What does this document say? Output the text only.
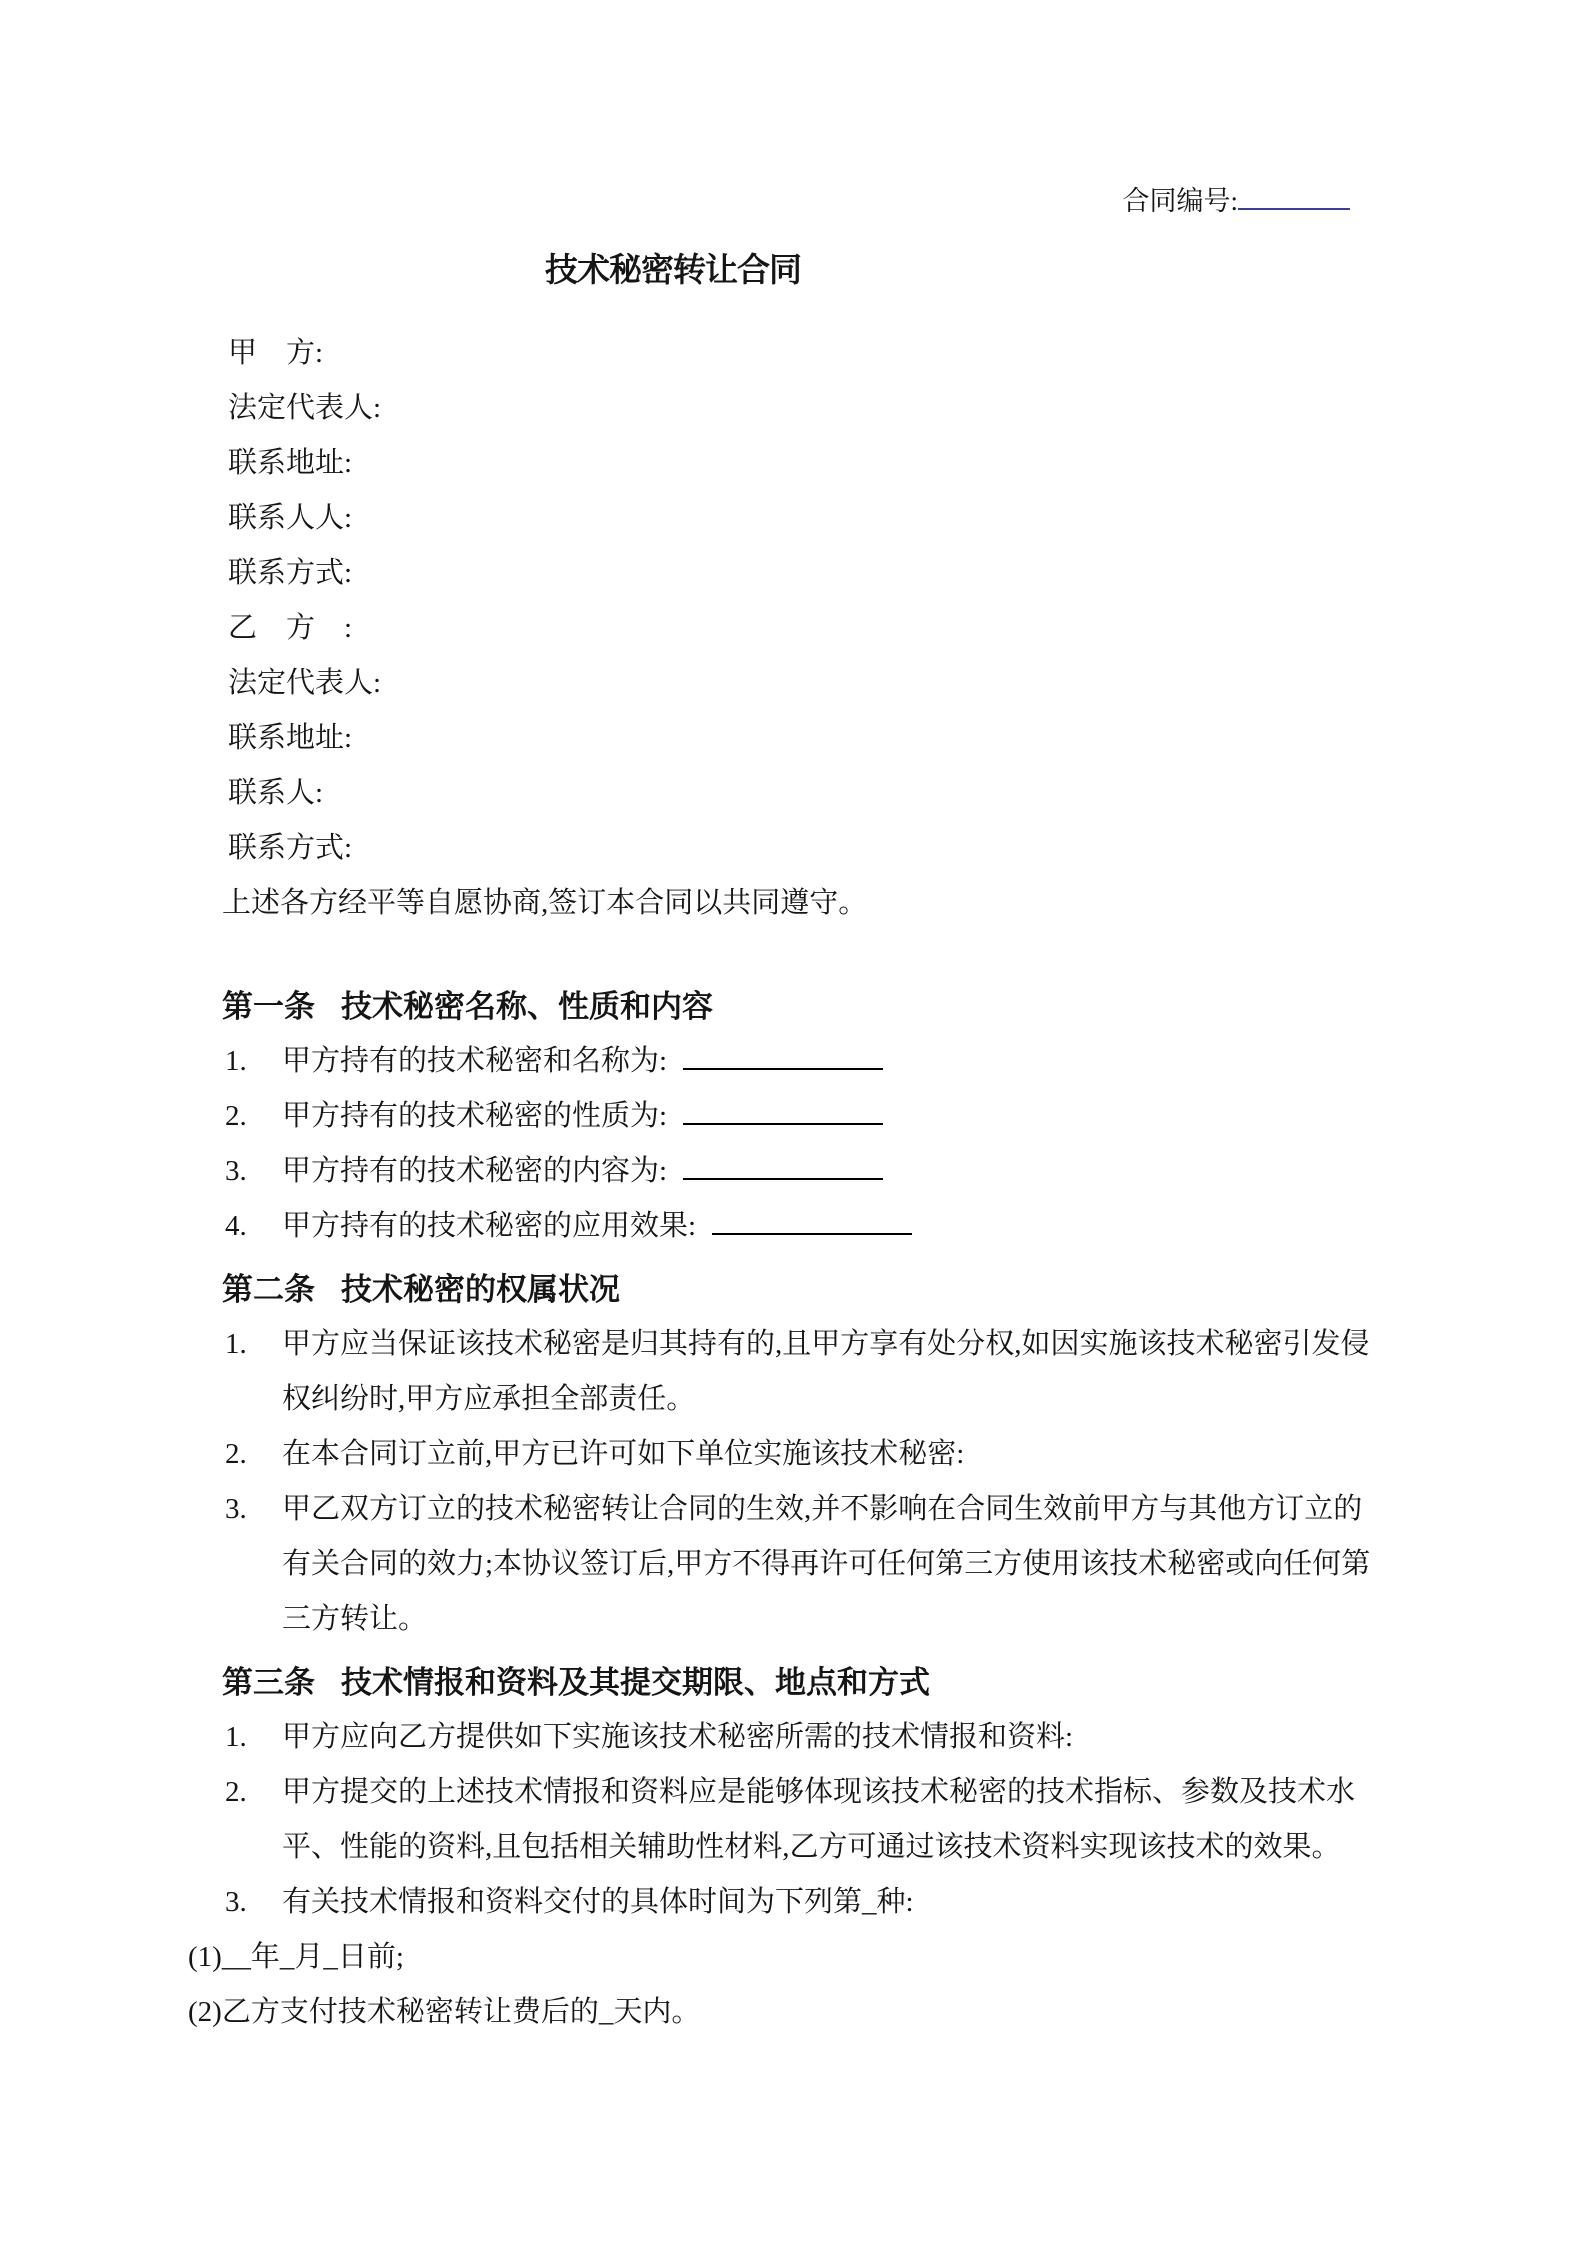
合同编号:
技术秘密转让合同
甲　方:
法定代表人:
联系地址:
联系人人:
联系方式:
乙　方　:
法定代表人:
联系地址:
联系人:
联系方式:
上述各方经平等自愿协商,签订本合同以共同遵守。
第一条 技术秘密名称、性质和内容
1.	甲方持有的技术秘密和名称为:
2.	甲方持有的技术秘密的性质为:
3.	甲方持有的技术秘密的内容为:
4.	甲方持有的技术秘密的应用效果:
第二条 技术秘密的权属状况
1.	甲方应当保证该技术秘密是归其持有的,且甲方享有处分权,如因实施该技术秘密引发侵权纠纷时,甲方应承担全部责任。
2.	在本合同订立前,甲方已许可如下单位实施该技术秘密:
3.	甲乙双方订立的技术秘密转让合同的生效,并不影响在合同生效前甲方与其他方订立的有关合同的效力;本协议签订后,甲方不得再许可任何第三方使用该技术秘密或向任何第三方转让。
第三条 技术情报和资料及其提交期限、地点和方式
1.	甲方应向乙方提供如下实施该技术秘密所需的技术情报和资料:
2.	甲方提交的上述技术情报和资料应是能够体现该技术秘密的技术指标、参数及技术水平、性能的资料,且包括相关辅助性材料,乙方可通过该技术资料实现该技术的效果。
3.	有关技术情报和资料交付的具体时间为下列第_种:
(1)__年_月_日前;
(2)乙方支付技术秘密转让费后的_天内。
